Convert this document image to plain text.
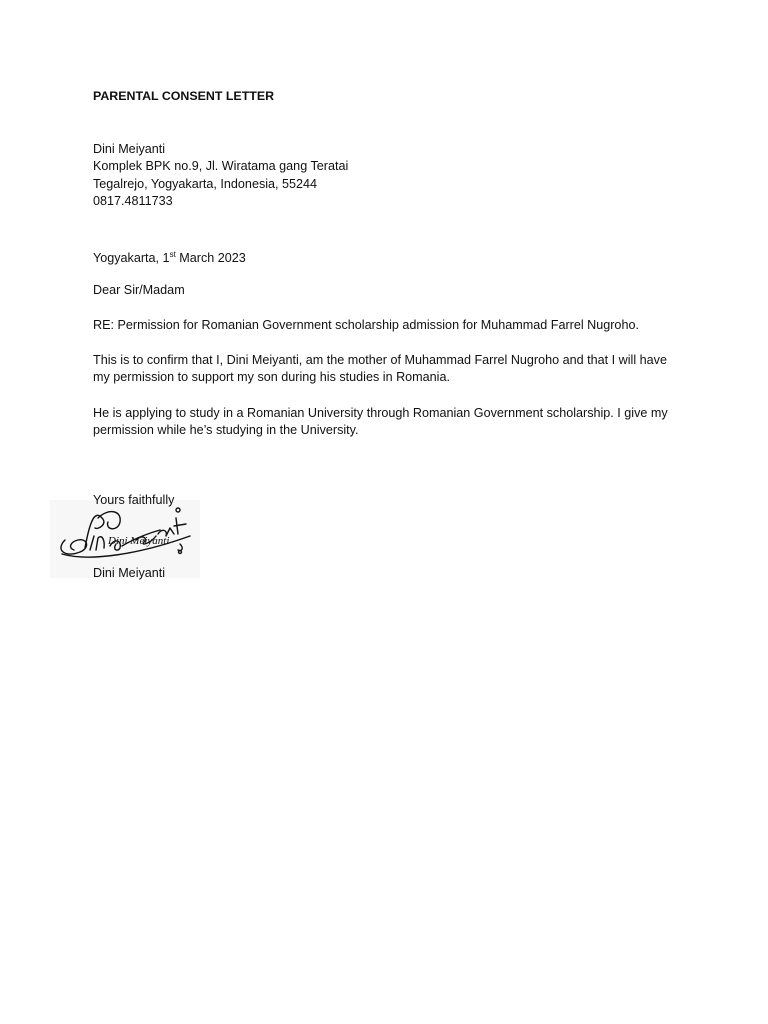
PARENTAL CONSENT LETTER
Dini Meiyanti
Komplek BPK no.9, Jl. Wiratama gang Teratai
Tegalrejo, Yogyakarta, Indonesia, 55244
0817.4811733
Yogyakarta, 1st March 2023
Dear Sir/Madam
RE: Permission for Romanian Government scholarship admission for Muhammad Farrel Nugroho.
This is to confirm that I, Dini Meiyanti, am the mother of Muhammad Farrel Nugroho and that I will have my permission to support my son during his studies in Romania.
He is applying to study in a Romanian University through Romanian Government scholarship. I give my permission while he’s studying in the University.
Dini Meiyanti
Yours faithfully
Dini Meiyanti
